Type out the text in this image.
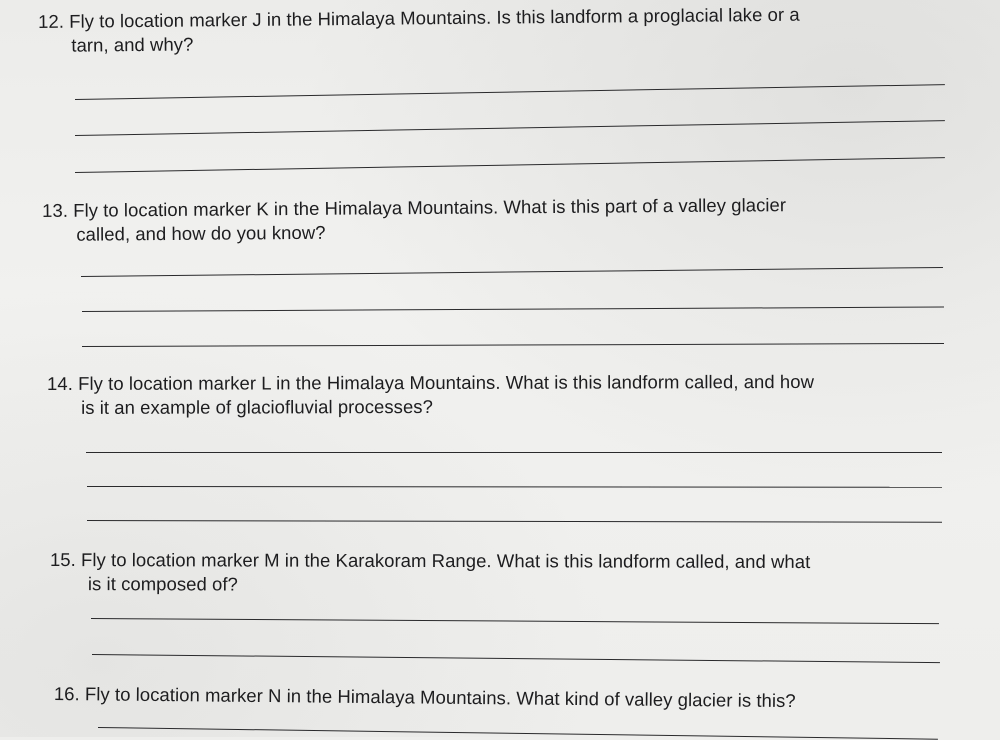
12. Fly to location marker J in the Himalaya Mountains. Is this landform a proglacial lake or a
tarn, and why?
13. Fly to location marker K in the Himalaya Mountains. What is this part of a valley glacier
called, and how do you know?
14. Fly to location marker L in the Himalaya Mountains. What is this landform called, and how
is it an example of glaciofluvial processes?
15. Fly to location marker M in the Karakoram Range. What is this landform called, and what
is it composed of?
16. Fly to location marker N in the Himalaya Mountains. What kind of valley glacier is this?
